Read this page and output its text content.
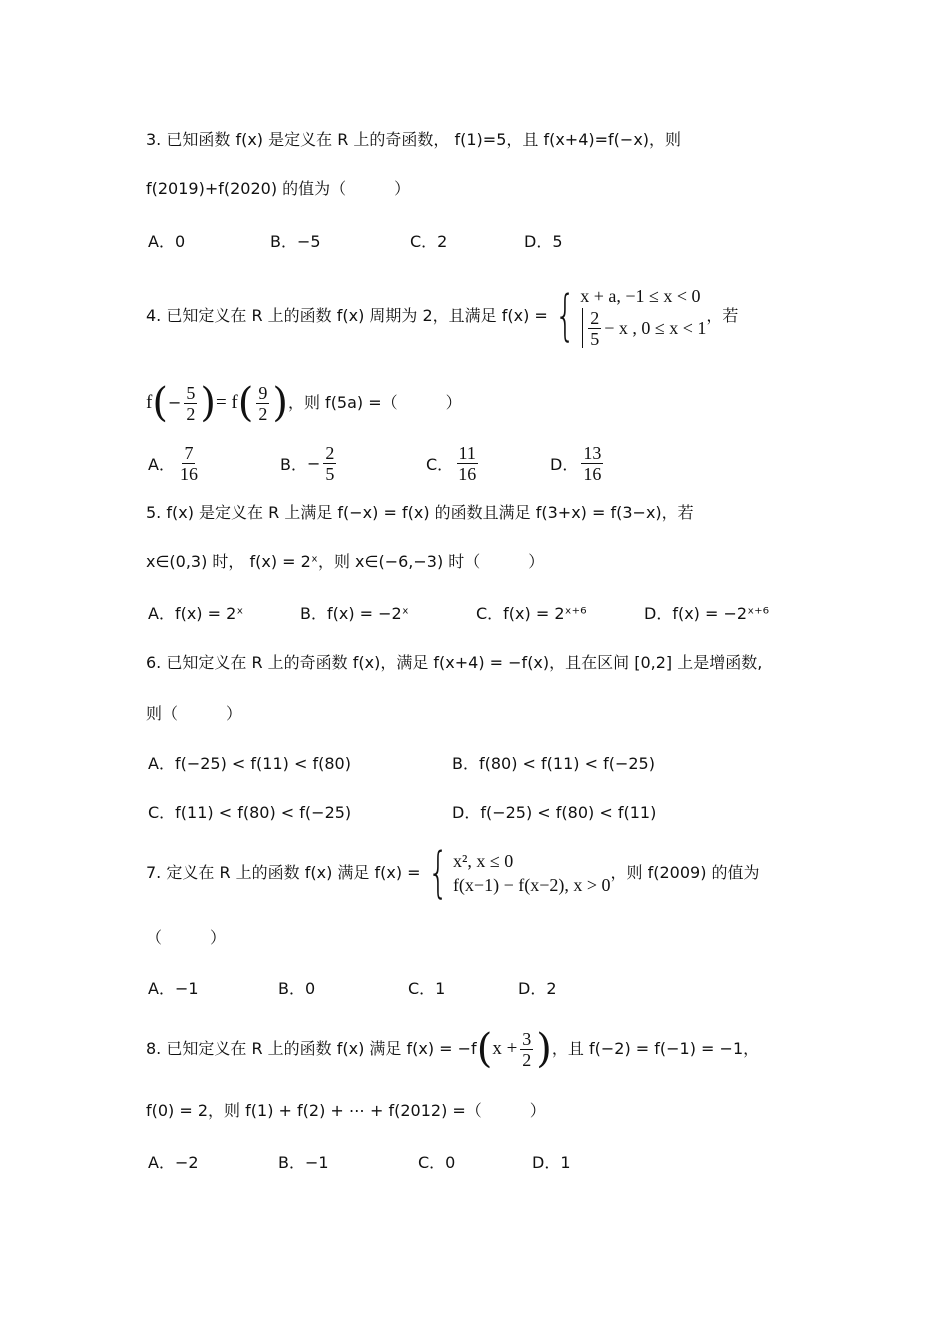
3. 已知函数 f(x) 是定义在 R 上的奇函数， f(1)=5，且 f(x+4)=f(−x)，则
f(2019)+f(2020) 的值为（　　　）
A．0	B．−5	C．2	D．5
4. 已知定义在 R 上的函数 f(x) 周期为 2，且满足 f(x) = { x + a, −1 ≤ x < 0
$\frac{2}{5} - x$ , 0 ≤ x < 1
，若
f ( − $\frac{5}{2}$ ) = f ( $\frac{9}{2}$ ) ，则 f(5a) =（　　　）
A． $\frac{7}{16}$	B． − $\frac{2}{5}$	C． $\frac{11}{16}$	D． $\frac{13}{16}$
5. f(x) 是定义在 R 上满足 f(−x) = f(x) 的函数且满足 f(3+x) = f(3−x)，若
x∈(0,3) 时， f(x) = 2ˣ，则 x∈(−6,−3) 时（　　　）
A．f(x) = 2ˣ	B．f(x) = −2ˣ	C．f(x) = 2ˣ⁺⁶	D．f(x) = −2ˣ⁺⁶
6. 已知定义在 R 上的奇函数 f(x)，满足 f(x+4) = −f(x)，且在区间 [0,2] 上是增函数,
则（　　　）
A．f(−25) < f(11) < f(80)	B．f(80) < f(11) < f(−25)
C．f(11) < f(80) < f(−25)	D．f(−25) < f(80) < f(11)
7. 定义在 R 上的函数 f(x) 满足 f(x) = { x², x ≤ 0
f(x−1) − f(x−2), x > 0
，则 f(2009) 的值为
（　　　）
A．−1	B．0	C．1	D．2
8. 已知定义在 R 上的函数 f(x) 满足 f(x) = −f ( $x + \frac{3}{2}$ ) ，且 f(−2) = f(−1) = −1，
f(0) = 2，则 f(1) + f(2) + ⋯ + f(2012) =（　　　）
A．−2	B．−1	C．0	D．1
